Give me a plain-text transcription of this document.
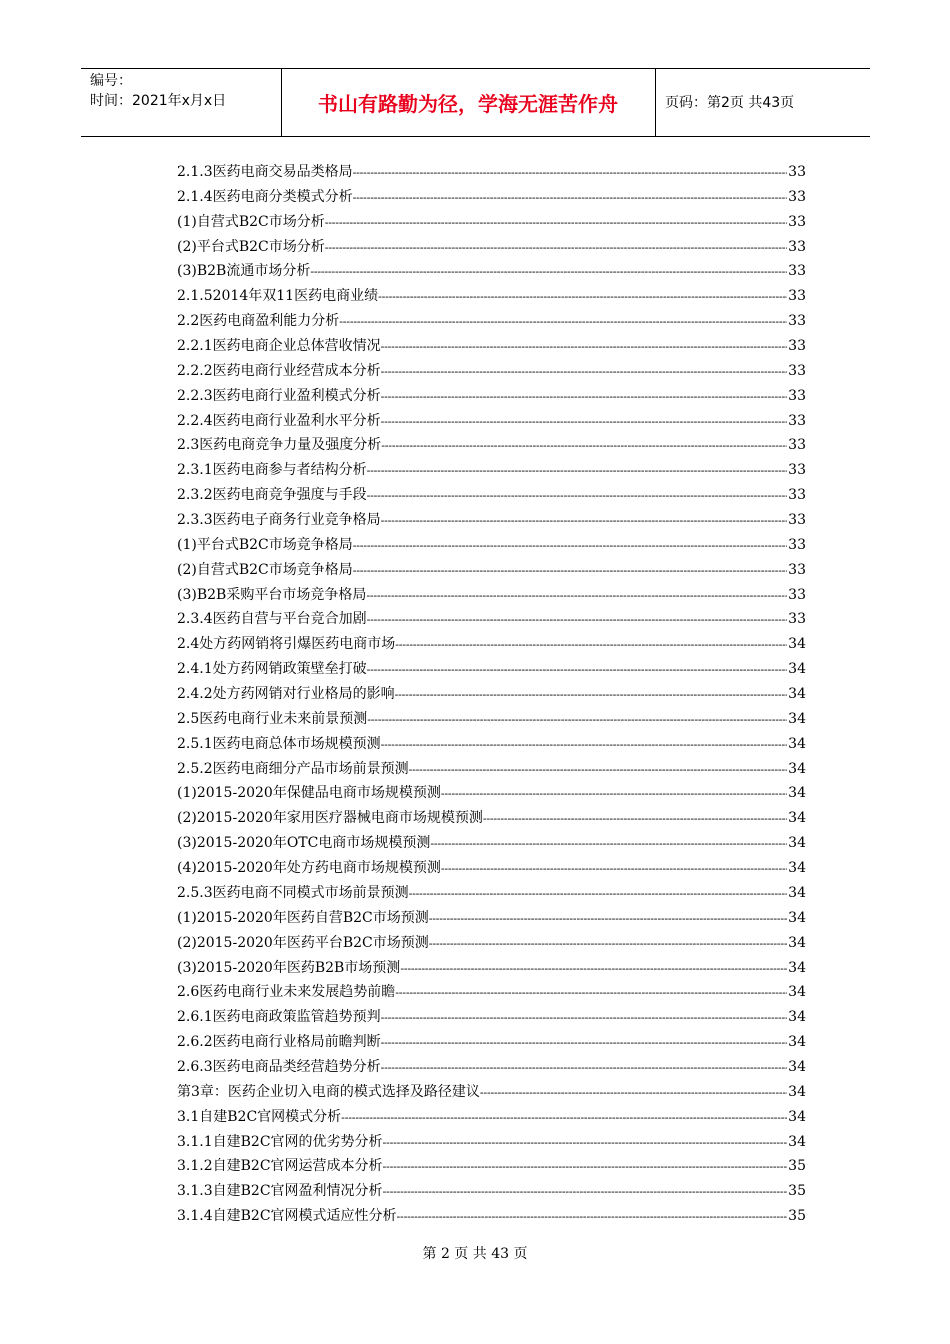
编号：
时间：2021年x月x日	书山有路勤为径，学海无涯苦作舟	页码：第2页 共43页
2.1.3医药电商交易品类格局 -----	33
2.1.4医药电商分类模式分析 -----	33
(1)自营式B2C市场分析 -----	33
(2)平台式B2C市场分析 -----	33
(3)B2B流通市场分析 -----	33
2.1.52014年双11医药电商业绩 -----	33
2.2医药电商盈利能力分析 -----	33
2.2.1医药电商企业总体营收情况 -----	33
2.2.2医药电商行业经营成本分析 -----	33
2.2.3医药电商行业盈利模式分析 -----	33
2.2.4医药电商行业盈利水平分析 -----	33
2.3医药电商竞争力量及强度分析 -----	33
2.3.1医药电商参与者结构分析 -----	33
2.3.2医药电商竞争强度与手段 -----	33
2.3.3医药电子商务行业竞争格局 -----	33
(1)平台式B2C市场竞争格局 -----	33
(2)自营式B2C市场竞争格局 -----	33
(3)B2B采购平台市场竞争格局 -----	33
2.3.4医药自营与平台竞合加剧 -----	33
2.4处方药网销将引爆医药电商市场 -----	34
2.4.1处方药网销政策壁垒打破 -----	34
2.4.2处方药网销对行业格局的影响 -----	34
2.5医药电商行业未来前景预测 -----	34
2.5.1医药电商总体市场规模预测 -----	34
2.5.2医药电商细分产品市场前景预测 -----	34
(1)2015-2020年保健品电商市场规模预测 -----	34
(2)2015-2020年家用医疗器械电商市场规模预测 -----	34
(3)2015-2020年OTC电商市场规模预测 -----	34
(4)2015-2020年处方药电商市场规模预测 -----	34
2.5.3医药电商不同模式市场前景预测 -----	34
(1)2015-2020年医药自营B2C市场预测 -----	34
(2)2015-2020年医药平台B2C市场预测 -----	34
(3)2015-2020年医药B2B市场预测 -----	34
2.6医药电商行业未来发展趋势前瞻 -----	34
2.6.1医药电商政策监管趋势预判 -----	34
2.6.2医药电商行业格局前瞻判断 -----	34
2.6.3医药电商品类经营趋势分析 -----	34
第3章：医药企业切入电商的模式选择及路径建议 -----	34
3.1自建B2C官网模式分析 -----	34
3.1.1自建B2C官网的优劣势分析 -----	34
3.1.2自建B2C官网运营成本分析 -----	35
3.1.3自建B2C官网盈利情况分析 -----	35
3.1.4自建B2C官网模式适应性分析 -----	35
第 2 页 共 43 页
